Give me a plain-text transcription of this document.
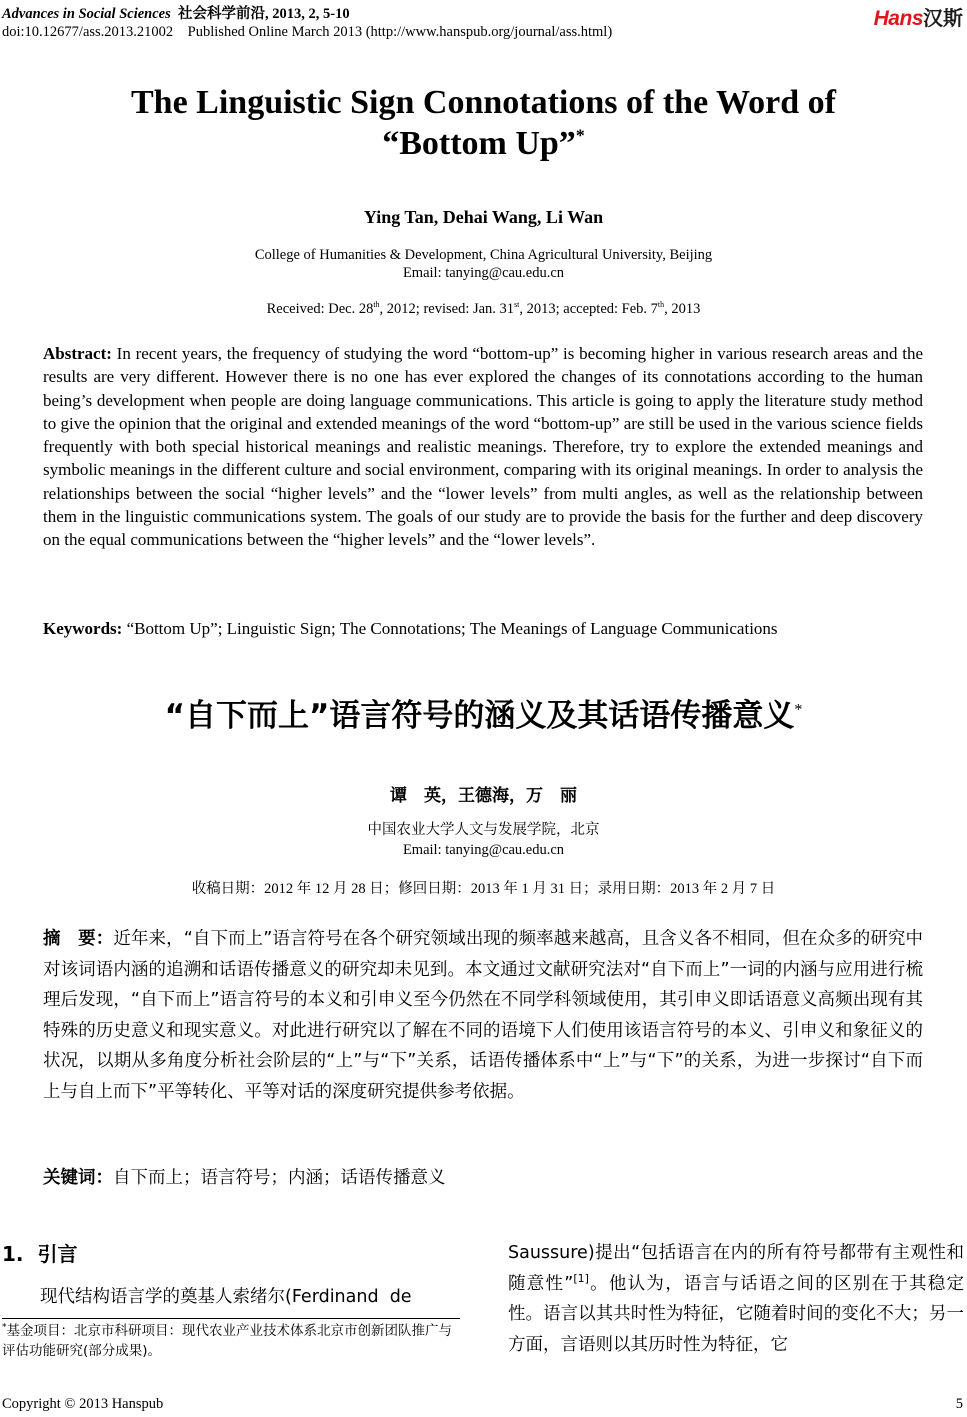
Advances in Social Sciences 社会科学前沿, 2013, 2, 5-10
doi:10.12677/ass.2013.21002    Published Online March 2013 (http://www.hanspub.org/journal/ass.html)
Hans汉斯
The Linguistic Sign Connotations of the Word of
“Bottom Up”*
Ying Tan, Dehai Wang, Li Wan
College of Humanities & Development, China Agricultural University, Beijing
Email: tanying@cau.edu.cn
Received: Dec. 28th, 2012; revised: Jan. 31st, 2013; accepted: Feb. 7th, 2013
Abstract: In recent years, the frequency of studying the word “bottom-up” is becoming higher in various research areas and the results are very different. However there is no one has ever explored the changes of its connotations according to the human being’s development when people are doing language communications. This article is going to apply the literature study method to give the opinion that the original and extended meanings of the word “bottom-up” are still be used in the various science fields frequently with both special historical meanings and realistic meanings. Therefore, try to explore the extended meanings and symbolic meanings in the different culture and social environment, comparing with its original meanings. In order to analysis the relationships between the social “higher levels” and the “lower levels” from multi angles, as well as the relationship between them in the linguistic communications system. The goals of our study are to provide the basis for the further and deep discovery on the equal communications between the “higher levels” and the “lower levels”.
Keywords: “Bottom Up”; Linguistic Sign; The Connotations; The Meanings of Language Communications
“自下而上”语言符号的涵义及其话语传播意义*
谭　英，王德海，万　丽
中国农业大学人文与发展学院，北京
Email: tanying@cau.edu.cn
收稿日期：2012 年 12 月 28 日；修回日期：2013 年 1 月 31 日；录用日期：2013 年 2 月 7 日
摘　要：近年来，“自下而上”语言符号在各个研究领域出现的频率越来越高，且含义各不相同，但在众多的研究中对该词语内涵的追溯和话语传播意义的研究却未见到。本文通过文献研究法对“自下而上”一词的内涵与应用进行梳理后发现，“自下而上”语言符号的本义和引申义至今仍然在不同学科领域使用，其引申义即话语意义高频出现有其特殊的历史意义和现实意义。对此进行研究以了解在不同的语境下人们使用该语言符号的本义、引申义和象征义的状况，以期从多角度分析社会阶层的“上”与“下”关系，话语传播体系中“上”与“下”的关系，为进一步探讨“自下而上与自上而下”平等转化、平等对话的深度研究提供参考依据。
关键词：自下而上；语言符号；内涵；话语传播意义
1.  引言
现代结构语言学的奠基人索绪尔(Ferdinand  de
*基金项目：北京市科研项目：现代农业产业技术体系北京市创新团队推广与评估功能研究(部分成果)。
Saussure)提出“包括语言在内的所有符号都带有主观性和随意性”[1]。他认为，语言与话语之间的区别在于其稳定性。语言以其共时性为特征，它随着时间的变化不大；另一方面，言语则以其历时性为特征，它
Copyright © 2013 Hanspub	5
